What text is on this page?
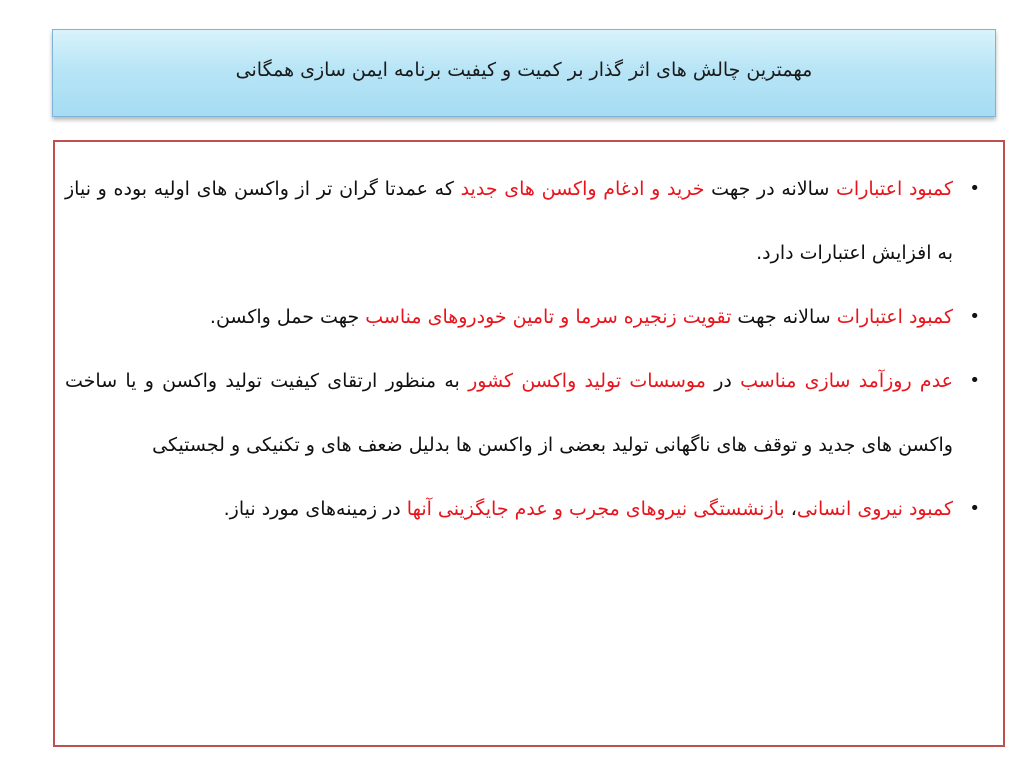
مهمترین چالش های اثر گذار بر کمیت و کیفیت برنامه ایمن سازی همگانی
•
کمبود اعتبارات سالانه در جهت خرید و ادغام واکسن های جدید که عمدتا گران تر از واکسن های اولیه بوده و نیاز به افزایش اعتبارات دارد.
•
کمبود اعتبارات سالانه جهت تقویت زنجیره سرما و تامین خودروهای مناسب جهت حمل واکسن.
•
عدم روزآمد سازی مناسب در موسسات تولید واکسن کشور به منظور ارتقای کیفیت تولید واکسن و یا ساخت واکسن های جدید و توقف های ناگهانی تولید بعضی از واکسن ها بدلیل ضعف های و تکنیکی و لجستیکی
•
کمبود نیروی انسانی، بازنشستگی نیروهای مجرب و عدم جایگزینی آنها در زمینه‌های مورد نیاز.
